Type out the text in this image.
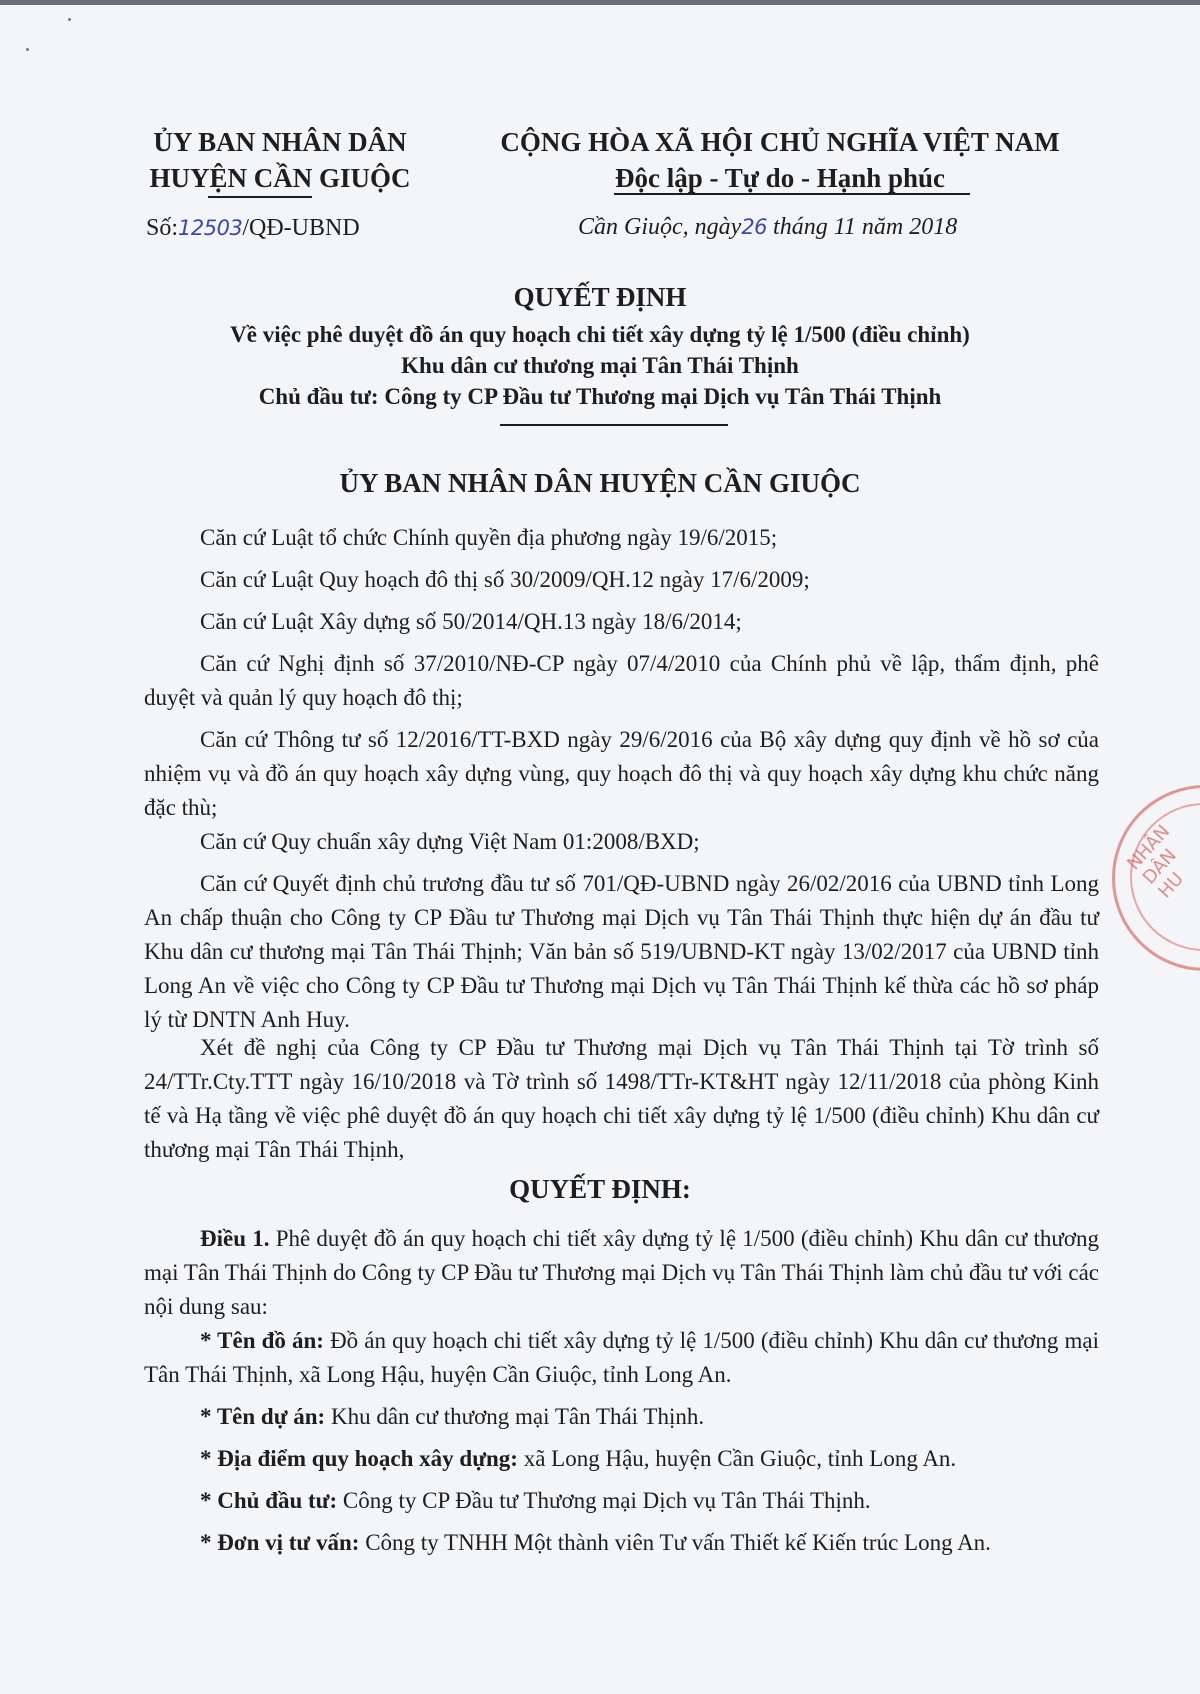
ỦY BAN NHÂN DÂN
HUYỆN CẦN GIUỘC
CỘNG HÒA XÃ HỘI CHỦ NGHĨA VIỆT NAM
Độc lập - Tự do - Hạnh phúc
Số:12503/QĐ-UBND	Cần Giuộc, ngày26 tháng 11 năm 2018
QUYẾT ĐỊNH
Về việc phê duyệt đồ án quy hoạch chi tiết xây dựng tỷ lệ 1/500 (điều chỉnh)
Khu dân cư thương mại Tân Thái Thịnh
Chủ đầu tư: Công ty CP Đầu tư Thương mại Dịch vụ Tân Thái Thịnh
ỦY BAN NHÂN DÂN HUYỆN CẦN GIUỘC
Căn cứ Luật tổ chức Chính quyền địa phương ngày 19/6/2015;
Căn cứ Luật Quy hoạch đô thị số 30/2009/QH.12 ngày 17/6/2009;
Căn cứ Luật Xây dựng số 50/2014/QH.13 ngày 18/6/2014;
Căn cứ Nghị định số 37/2010/NĐ-CP ngày 07/4/2010 của Chính phủ về lập, thẩm định, phê duyệt và quản lý quy hoạch đô thị;
Căn cứ Thông tư số 12/2016/TT-BXD ngày 29/6/2016 của Bộ xây dựng quy định về hồ sơ của nhiệm vụ và đồ án quy hoạch xây dựng vùng, quy hoạch đô thị và quy hoạch xây dựng khu chức năng đặc thù;
Căn cứ Quy chuẩn xây dựng Việt Nam 01:2008/BXD;
Căn cứ Quyết định chủ trương đầu tư số 701/QĐ-UBND ngày 26/02/2016 của UBND tỉnh Long An chấp thuận cho Công ty CP Đầu tư Thương mại Dịch vụ Tân Thái Thịnh thực hiện dự án đầu tư Khu dân cư thương mại Tân Thái Thịnh; Văn bản số 519/UBND-KT ngày 13/02/2017 của UBND tỉnh Long An về việc cho Công ty CP Đầu tư Thương mại Dịch vụ Tân Thái Thịnh kế thừa các hồ sơ pháp lý từ DNTN Anh Huy.
Xét đề nghị của Công ty CP Đầu tư Thương mại Dịch vụ Tân Thái Thịnh tại Tờ trình số 24/TTr.Cty.TTT ngày 16/10/2018 và Tờ trình số 1498/TTr-KT&HT ngày 12/11/2018 của phòng Kinh tế và Hạ tầng về việc phê duyệt đồ án quy hoạch chi tiết xây dựng tỷ lệ 1/500 (điều chỉnh) Khu dân cư thương mại Tân Thái Thịnh,
QUYẾT ĐỊNH:
Điều 1. Phê duyệt đồ án quy hoạch chi tiết xây dựng tỷ lệ 1/500 (điều chỉnh) Khu dân cư thương mại Tân Thái Thịnh do Công ty CP Đầu tư Thương mại Dịch vụ Tân Thái Thịnh làm chủ đầu tư với các nội dung sau:
* Tên đồ án: Đồ án quy hoạch chi tiết xây dựng tỷ lệ 1/500 (điều chỉnh) Khu dân cư thương mại Tân Thái Thịnh, xã Long Hậu, huyện Cần Giuộc, tỉnh Long An.
* Tên dự án: Khu dân cư thương mại Tân Thái Thịnh.
* Địa điểm quy hoạch xây dựng: xã Long Hậu, huyện Cần Giuộc, tỉnh Long An.
* Chủ đầu tư: Công ty CP Đầu tư Thương mại Dịch vụ Tân Thái Thịnh.
* Đơn vị tư vấn: Công ty TNHH Một thành viên Tư vấn Thiết kế Kiến trúc Long An.
NHÂN DÂN HU
